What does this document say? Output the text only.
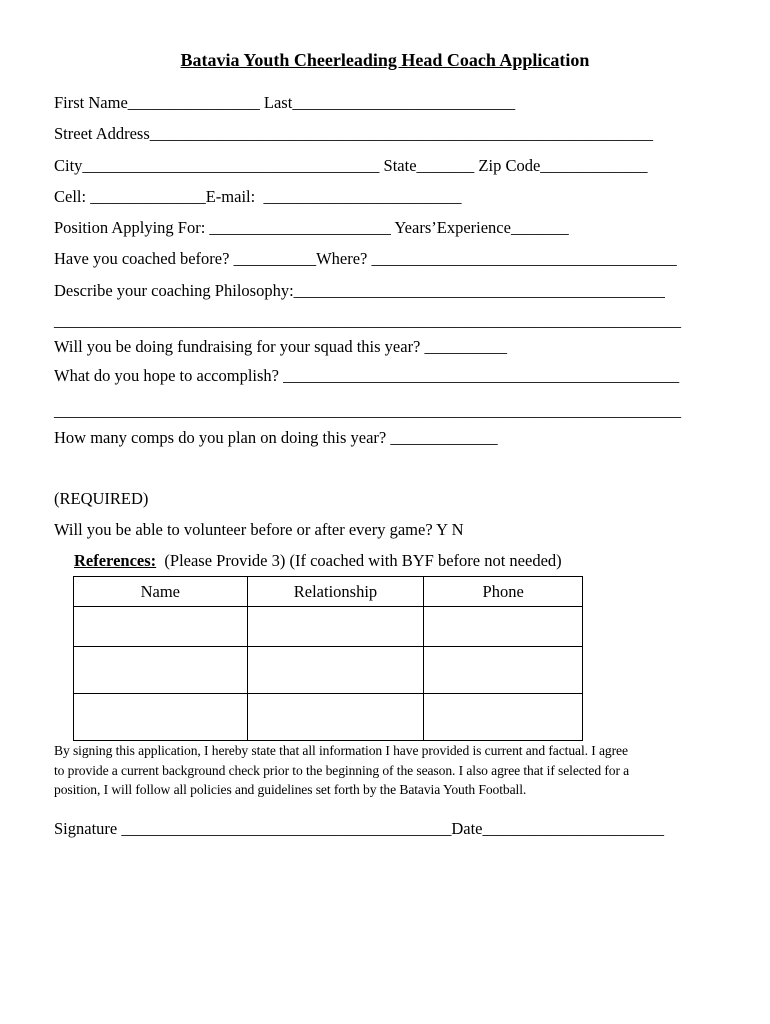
Batavia Youth Cheerleading Head Coach Application
First Name________________ Last___________________________
Street Address_____________________________________________________________
City____________________________________ State_______ Zip Code_____________
Cell: ______________E-mail:  ________________________
Position Applying For: ______________________ Years’Experience_______
Have you coached before? __________Where? _____________________________________
Describe your coaching Philosophy:_____________________________________________
____________________________________________________________________________
Will you be doing fundraising for your squad this year? __________
What do you hope to accomplish? ________________________________________________
____________________________________________________________________________
How many comps do you plan on doing this year? _____________
(REQUIRED)
Will you be able to volunteer before or after every game? Y N
References:  (Please Provide 3) (If coached with BYF before not needed)
Name	Relationship	Phone

By signing this application, I hereby state that all information I have provided is current and factual. I agree
to provide a current background check prior to the beginning of the season. I also agree that if selected for a
position, I will follow all policies and guidelines set forth by the Batavia Youth Football.
Signature ________________________________________Date______________________
